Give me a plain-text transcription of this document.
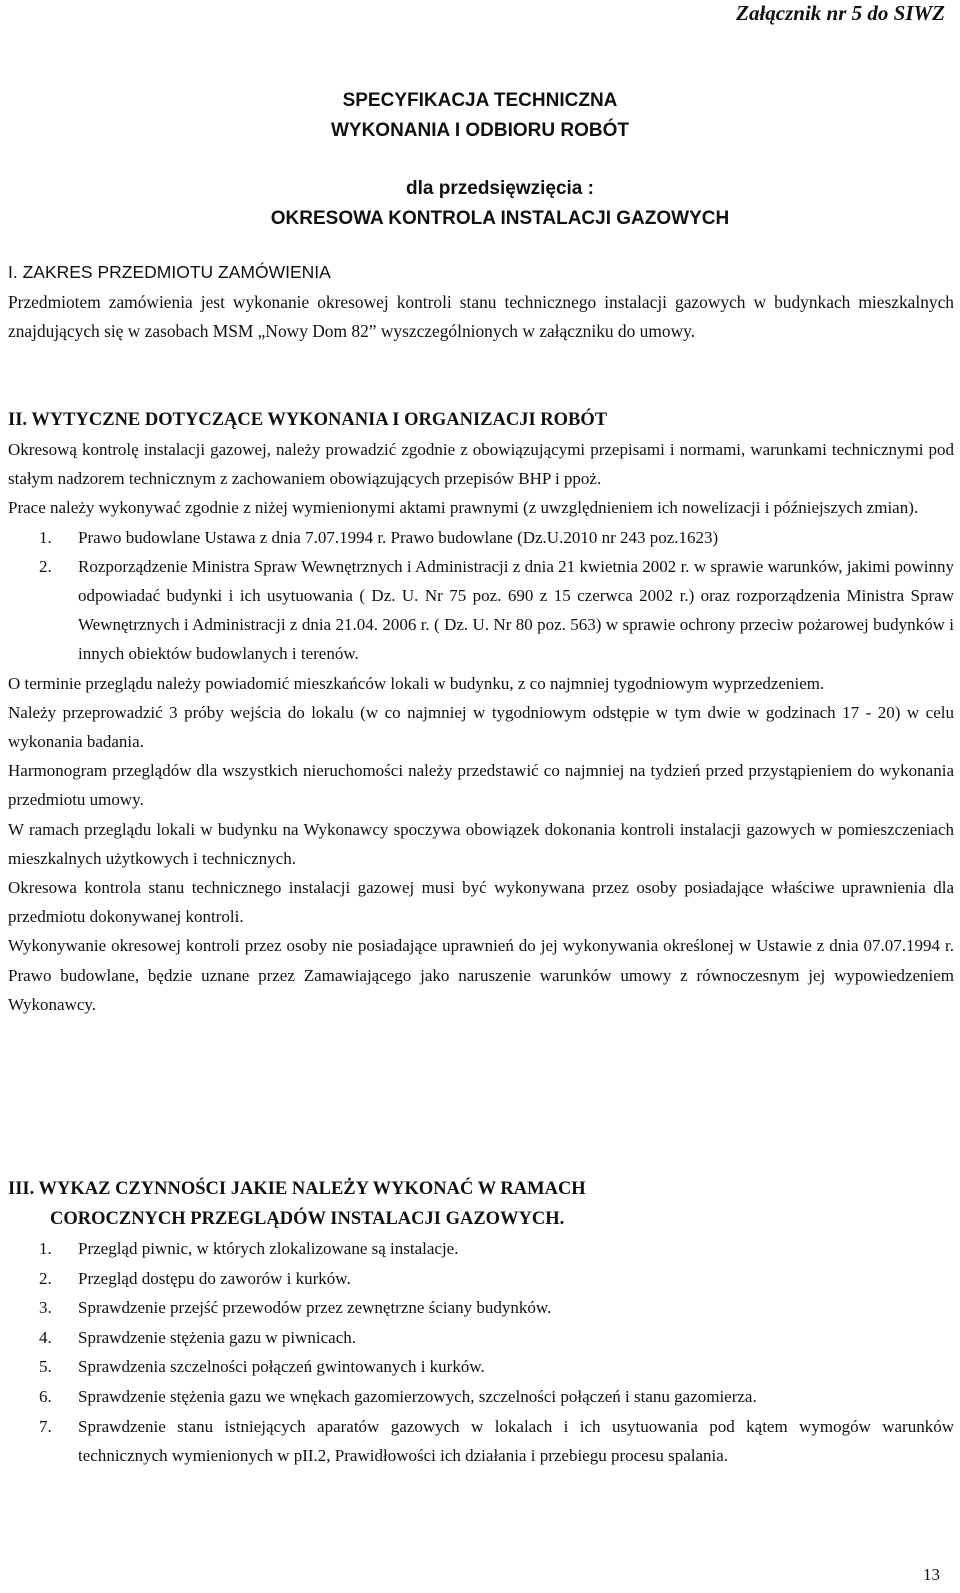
Załącznik nr 5 do SIWZ
SPECYFIKACJA TECHNICZNA
WYKONANIA I ODBIORU ROBÓT
dla przedsięwzięcia :
OKRESOWA KONTROLA INSTALACJI GAZOWYCH
I. ZAKRES PRZEDMIOTU ZAMÓWIENIA

Przedmiotem zamówienia jest wykonanie okresowej kontroli stanu technicznego instalacji gazowych w budynkach mieszkalnych znajdujących się w zasobach MSM „Nowy Dom 82” wyszczególnionych w załączniku do umowy.

II. WYTYCZNE DOTYCZĄCE WYKONANIA I ORGANIZACJI ROBÓT

Okresową kontrolę instalacji gazowej, należy prowadzić zgodnie z obowiązującymi przepisami i normami, warunkami technicznymi pod stałym nadzorem technicznym z zachowaniem obowiązujących przepisów BHP i ppoż.

Prace należy wykonywać zgodnie z niżej wymienionymi aktami prawnymi (z uwzględnieniem ich nowelizacji i późniejszych zmian).

1. Prawo budowlane Ustawa z dnia 7.07.1994 r. Prawo budowlane (Dz.U.2010 nr 243 poz.1623)
2. Rozporządzenie Ministra Spraw Wewnętrznych i Administracji z dnia 21 kwietnia 2002 r. w sprawie warunków, jakimi powinny odpowiadać budynki i ich usytuowania ( Dz. U. Nr 75 poz. 690 z 15 czerwca 2002 r.) oraz rozporządzenia Ministra Spraw Wewnętrznych i Administracji z dnia 21.04. 2006 r. ( Dz. U. Nr 80 poz. 563) w sprawie ochrony przeciw pożarowej budynków i innych obiektów budowlanych i terenów.

O terminie przeglądu należy powiadomić mieszkańców lokali w budynku, z co najmniej tygodniowym wyprzedzeniem.

Należy przeprowadzić 3 próby wejścia do lokalu (w co najmniej w tygodniowym odstępie w tym dwie w godzinach 17 - 20) w celu wykonania badania.

Harmonogram przeglądów dla wszystkich nieruchomości należy przedstawić co najmniej na tydzień przed przystąpieniem do wykonania przedmiotu umowy.

W ramach przeglądu lokali w budynku na Wykonawcy spoczywa obowiązek dokonania kontroli instalacji gazowych w pomieszczeniach mieszkalnych użytkowych i technicznych.

Okresowa kontrola stanu technicznego instalacji gazowej musi być wykonywana przez osoby posiadające właściwe uprawnienia dla przedmiotu dokonywanej kontroli.

Wykonywanie okresowej kontroli przez osoby nie posiadające uprawnień do jej wykonywania określonej w Ustawie z dnia 07.07.1994 r. Prawo budowlane, będzie uznane przez Zamawiającego jako naruszenie warunków umowy z równoczesnym jej wypowiedzeniem Wykonawcy.

III. WYKAZ CZYNNOŚCI JAKIE NALEŻY WYKONAĆ W RAMACH
COROCZNYCH PRZEGLĄDÓW INSTALACJI GAZOWYCH.
1. Przegląd piwnic, w których zlokalizowane są instalacje.
2. Przegląd dostępu do zaworów i kurków.
3. Sprawdzenie przejść przewodów przez zewnętrzne ściany budynków.
4. Sprawdzenie stężenia gazu w piwnicach.
5. Sprawdzenia szczelności połączeń gwintowanych i kurków.
6. Sprawdzenie stężenia gazu we wnękach gazomierzowych, szczelności połączeń i stanu gazomierza.
7. Sprawdzenie stanu istniejących aparatów gazowych w lokalach i ich usytuowania pod kątem wymogów warunków technicznych wymienionych w pII.2, Prawidłowości ich działania i przebiegu procesu spalania.
13
